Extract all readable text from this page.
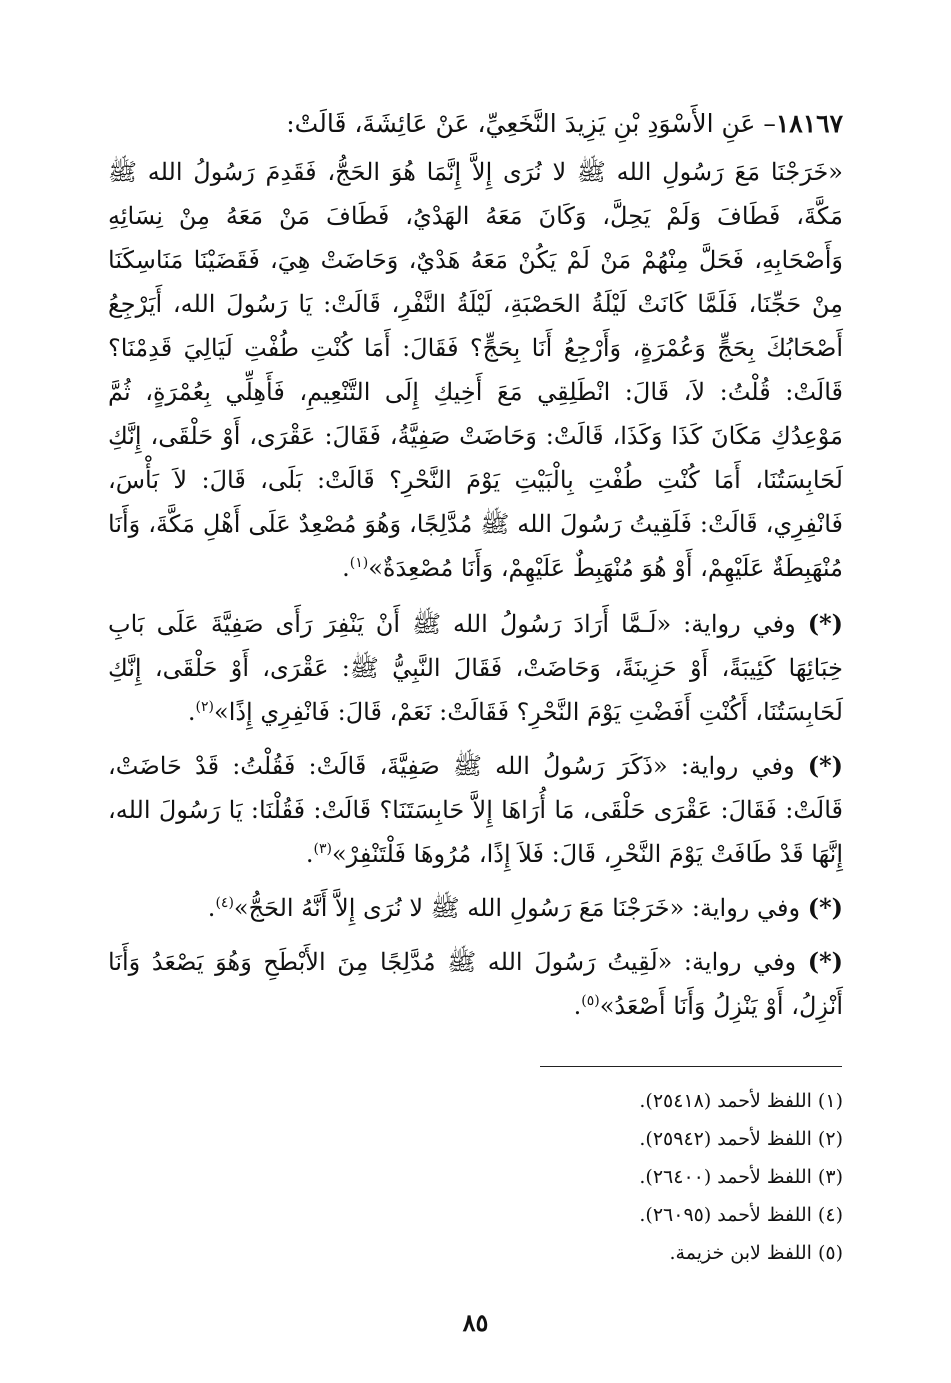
١٨١٦٧– عَنِ الأَسْوَدِ بْنِ يَزِيدَ النَّخَعِيِّ، عَنْ عَائِشَةَ، قَالَتْ:

«خَرَجْنَا مَعَ رَسُولِ الله ﷺ لا نُرَى إِلاَّ إِنَّمَا هُوَ الحَجُّ، فَقَدِمَ رَسُولُ الله ﷺ مَكَّةَ، فَطَافَ وَلَمْ يَحِلَّ، وَكَانَ مَعَهُ الهَدْيُ، فَطَافَ مَنْ مَعَهُ مِنْ نِسَائِهِ وَأَصْحَابِهِ، فَحَلَّ مِنْهُمْ مَنْ لَمْ يَكُنْ مَعَهُ هَدْيٌ، وَحَاضَتْ هِيَ، فَقَضَيْنَا مَنَاسِكَنَا مِنْ حَجِّنَا، فَلَمَّا كَانَتْ لَيْلَةُ الحَصْبَةِ، لَيْلَةُ النَّفْرِ، قَالَتْ: يَا رَسُولَ الله، أَيَرْجِعُ أَصْحَابُكَ بِحَجٍّ وَعُمْرَةٍ، وَأَرْجِعُ أَنَا بِحَجٍّ؟ فَقَالَ: أَمَا كُنْتِ طُفْتِ لَيَالِيَ قَدِمْنَا؟ قَالَتْ: قُلْتُ: لاَ، قَالَ: انْطَلِقِي مَعَ أَخِيكِ إِلَى التَّنْعِيمِ، فَأَهِلِّي بِعُمْرَةٍ، ثُمَّ مَوْعِدُكِ مَكَانَ كَذَا وَكَذَا، قَالَتْ: وَحَاضَتْ صَفِيَّةُ، فَقَالَ: عَقْرَى، أَوْ حَلْقَى، إِنَّكِ لَحَابِسَتُنَا، أَمَا كُنْتِ طُفْتِ بِالْبَيْتِ يَوْمَ النَّحْرِ؟ قَالَتْ: بَلَى، قَالَ: لاَ بَأْسَ، فَانْفِرِي، قَالَتْ: فَلَقِيتُ رَسُولَ الله ﷺ مُدَّلِجًا، وَهُوَ مُصْعِدٌ عَلَى أَهْلِ مَكَّةَ، وَأَنَا مُنْهَبِطَةٌ عَلَيْهِمْ، أَوْ هُوَ مُنْهَبِطٌ عَلَيْهِمْ، وَأَنَا مُصْعِدَةٌ»$^{(١)}$.

(*) وفي رواية: «لَـمَّا أَرَادَ رَسُولُ الله ﷺ أَنْ يَنْفِرَ رَأَى صَفِيَّةَ عَلَى بَابِ خِبَائِهَا كَئِيبَةً، أَوْ حَزِينَةً، وَحَاضَتْ، فَقَالَ النَّبِيُّ ﷺ: عَقْرَى، أَوْ حَلْقَى، إِنَّكِ لَحَابِسَتُنَا، أَكُنْتِ أَفَضْتِ يَوْمَ النَّحْرِ؟ فَقَالَتْ: نَعَمْ، قَالَ: فَانْفِرِي إِذًا»$^{(٢)}$.

(*) وفي رواية: «ذَكَرَ رَسُولُ الله ﷺ صَفِيَّةَ، قَالَتْ: فَقُلْتُ: قَدْ حَاضَتْ، قَالَتْ: فَقَالَ: عَقْرَى حَلْقَى، مَا أُرَاهَا إِلاَّ حَابِسَتَنَا؟ قَالَتْ: فَقُلْنَا: يَا رَسُولَ الله، إِنَّهَا قَدْ طَافَتْ يَوْمَ النَّحْرِ، قَالَ: فَلاَ إِذًا، مُرُوهَا فَلْتَنْفِرْ»$^{(٣)}$.

(*) وفي رواية: «خَرَجْنَا مَعَ رَسُولِ الله ﷺ لا نُرَى إِلاَّ أَنَّهُ الحَجُّ»$^{(٤)}$.

(*) وفي رواية: «لَقِيتُ رَسُولَ الله ﷺ مُدَّلِجًا مِنَ الأَبْطَحِ وَهُوَ يَصْعَدُ وَأَنَا أَنْزِلُ، أَوْ يَنْزِلُ وَأَنَا أَصْعَدُ»$^{(٥)}$.

(١) اللفظ لأحمد (٢٥٤١٨).

(٢) اللفظ لأحمد (٢٥٩٤٢).

(٣) اللفظ لأحمد (٢٦٤٠٠).

(٤) اللفظ لأحمد (٢٦٠٩٥).

(٥) اللفظ لابن خزيمة.

٨٥
